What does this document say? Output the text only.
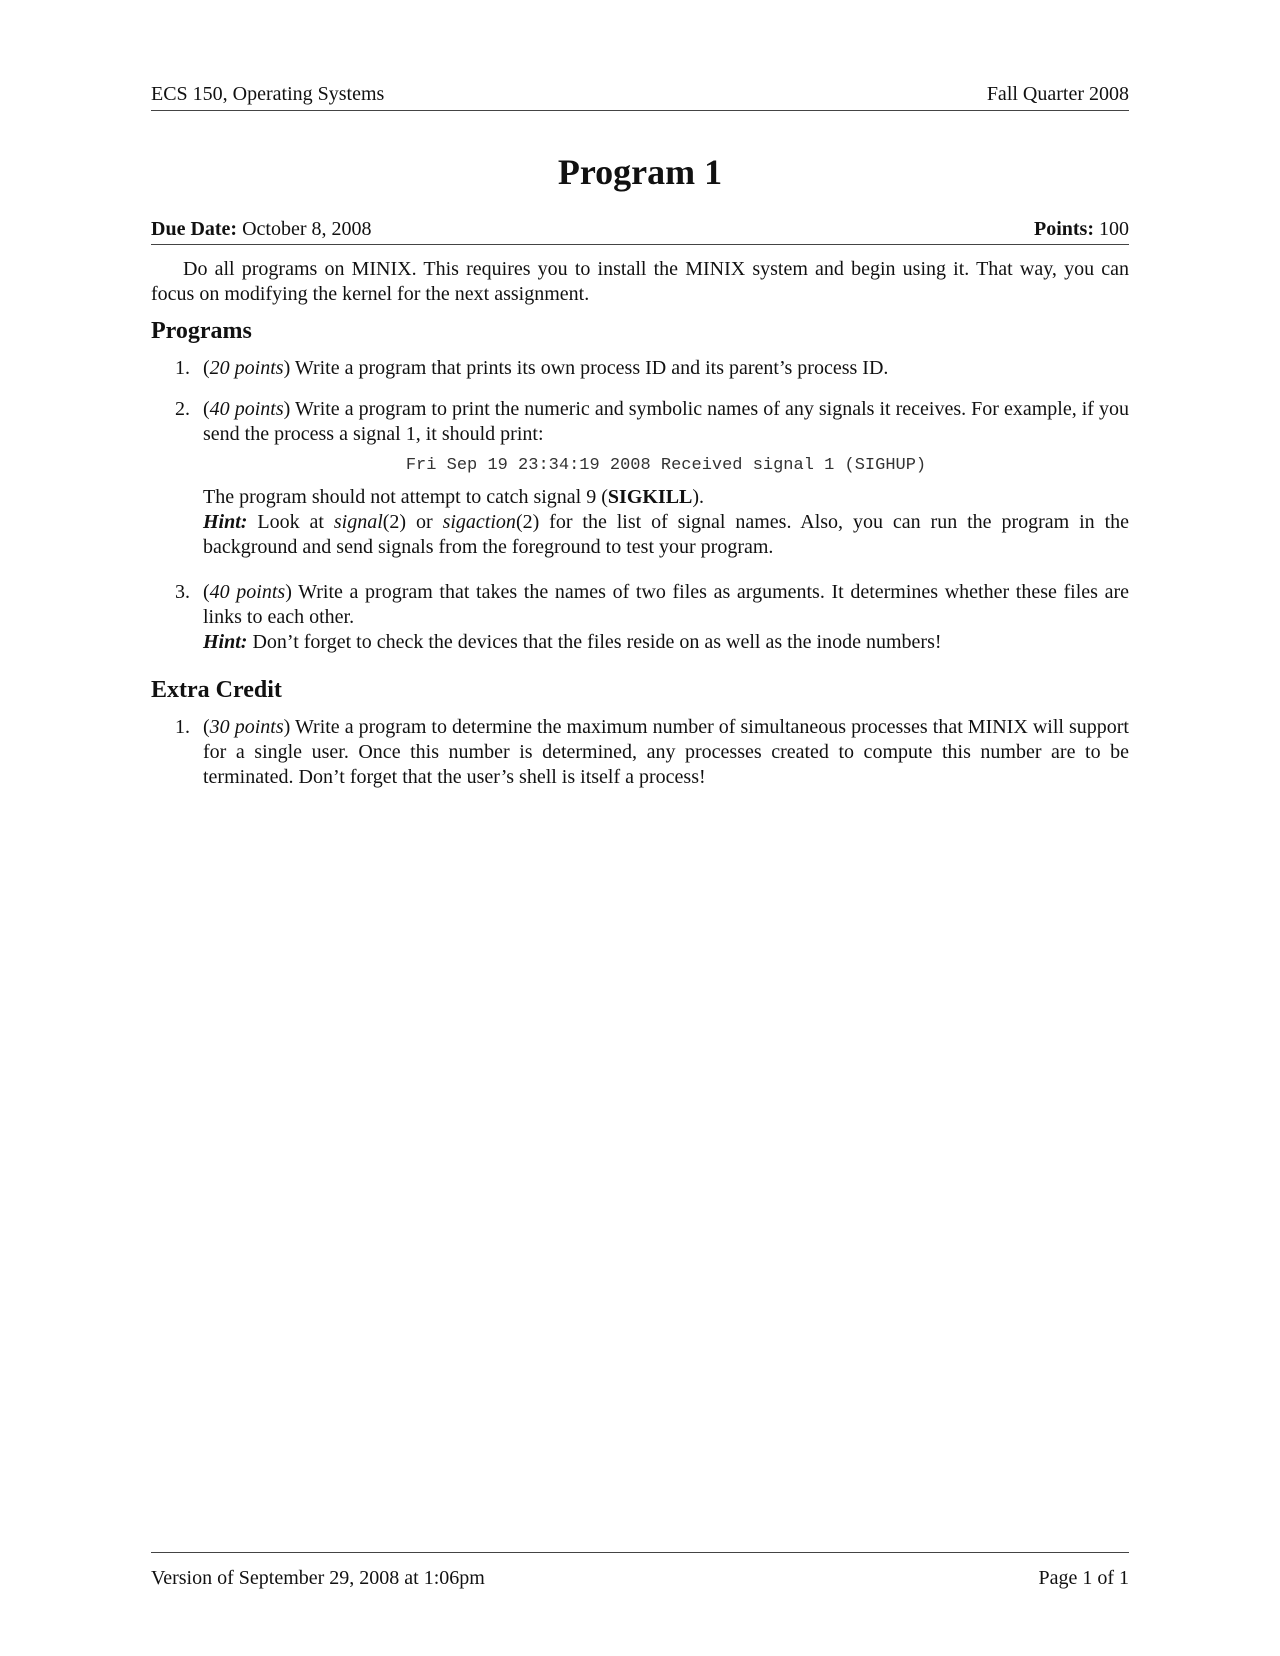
ECS 150, Operating Systems	Fall Quarter 2008
Program 1
Due Date: October 8, 2008	Points: 100

Do all programs on MINIX. This requires you to install the MINIX system and begin using it. That way, you can focus on modifying the kernel for the next assignment.

Programs
1. (20 points) Write a program that prints its own process ID and its parent’s process ID.

2. (40 points) Write a program to print the numeric and symbolic names of any signals it receives. For example, if you send the process a signal 1, it should print:

Fri Sep 19 23:34:19 2008 Received signal 1 (SIGHUP)

The program should not attempt to catch signal 9 (SIGKILL).

Hint: Look at signal(2) or sigaction(2) for the list of signal names. Also, you can run the program in the background and send signals from the foreground to test your program.

3. (40 points) Write a program that takes the names of two files as arguments. It determines whether these files are links to each other.

Hint: Don’t forget to check the devices that the files reside on as well as the inode numbers!

Extra Credit
1. (30 points) Write a program to determine the maximum number of simultaneous processes that MINIX will support for a single user. Once this number is determined, any processes created to compute this number are to be terminated. Don’t forget that the user’s shell is itself a process!

Version of September 29, 2008 at 1:06pm	Page 1 of 1
